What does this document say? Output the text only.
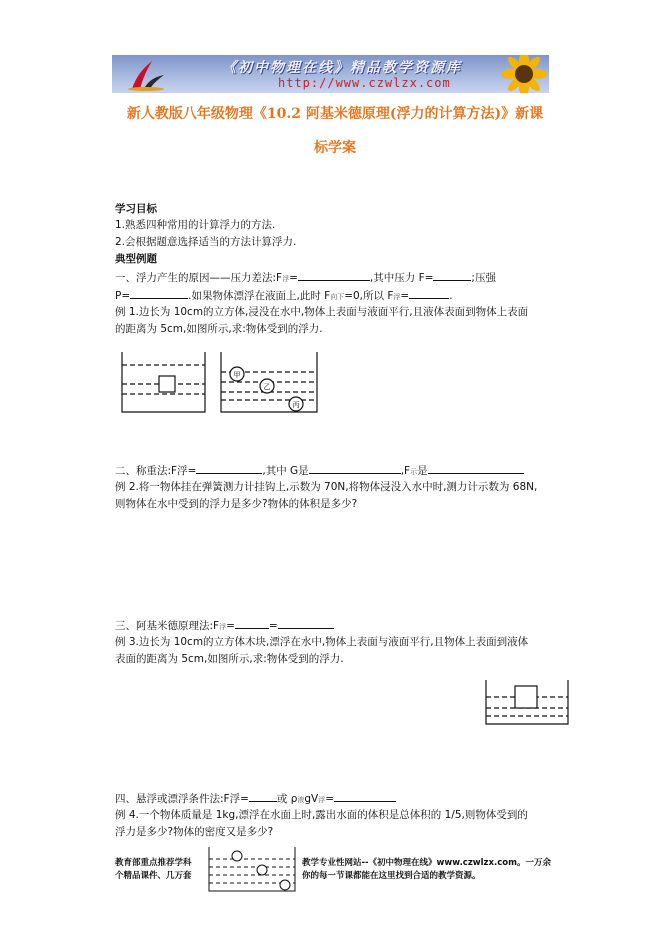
《初中物理在线》精品教学资源库
http://www.czwlzx.com
新人教版八年级物理《10.2 阿基米德原理(浮力的计算方法)》新课
标学案
学习目标
1.熟悉四种常用的计算浮力的方法.
2.会根据题意选择适当的方法计算浮力.
典型例题
一、浮力产生的原因——压力差法:F浮=	,其中压力 F=	;压强
P=	.如果物体漂浮在液面上,此时 F向下=0,所以 F浮=	.
例 1.边长为 10cm的立方体,浸没在水中,物体上表面与液面平行,且液体表面到物体上表面
的距离为 5cm,如图所示,求:物体受到的浮力.
甲
乙
丙
二、称重法:F浮=	,其中 G是	,F示是
例 2.将一物体挂在弹簧测力计挂钩上,示数为 70N,将物体浸没入水中时,测力计示数为 68N,
则物体在水中受到的浮力是多少?物体的体积是多少?
三、阿基米德原理法:F浮=	=
例 3.边长为 10cm的立方体木块,漂浮在水中,物体上表面与液面平行,且物体上表面到液体
表面的距离为 5cm,如图所示,求:物体受到的浮力.
四、悬浮或漂浮条件法:F浮=	或 ρ液gV浮=
例 4.一个物体质量是 1kg,漂浮在水面上时,露出水面的体积是总体积的 1/5,则物体受到的
浮力是多少?物体的密度又是多少?
教育部重点推荐学科
个精品课件、几万套
教学专业性网站--《初中物理在线》www.czwlzx.com。一万余
你的每一节课都能在这里找到合适的教学资源。
